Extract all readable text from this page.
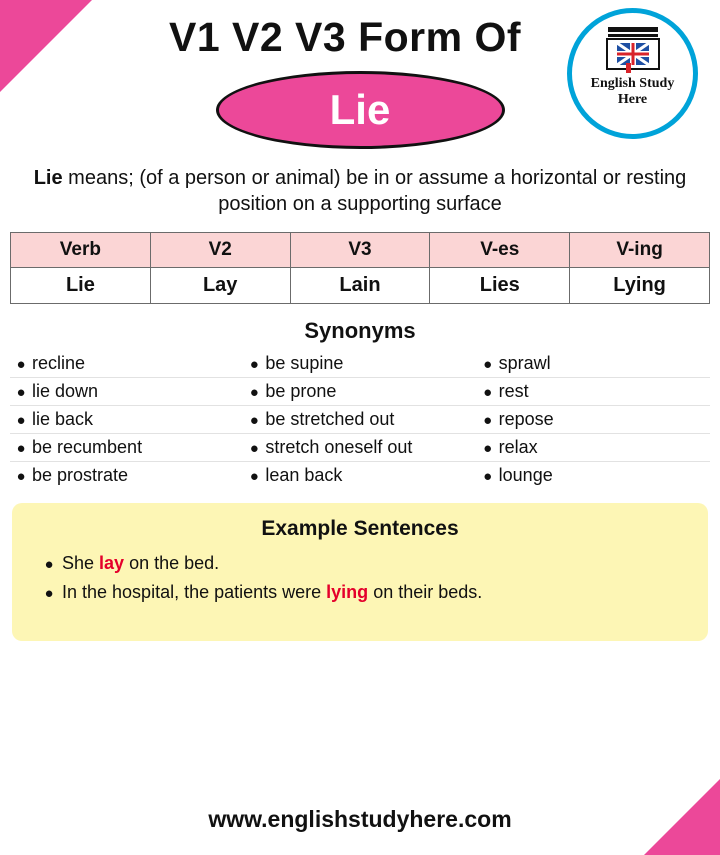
V1 V2 V3 Form Of
Lie
English Study
Here
Lie means; (of a person or animal) be in or assume a horizontal or resting position on a supporting surface
Verb	V2	V3	V-es	V-ing
Lie	Lay	Lain	Lies	Lying
Synonyms
● recline	● be supine	● sprawl

● lie down	● be prone	● rest

● lie back	● be stretched out	● repose

● be recumbent	● stretch oneself out	● relax

● be prostrate	● lean back	● lounge
Example Sentences
● She lay on the bed.
● In the hospital, the patients were lying on their beds.
www.englishstudyhere.com
